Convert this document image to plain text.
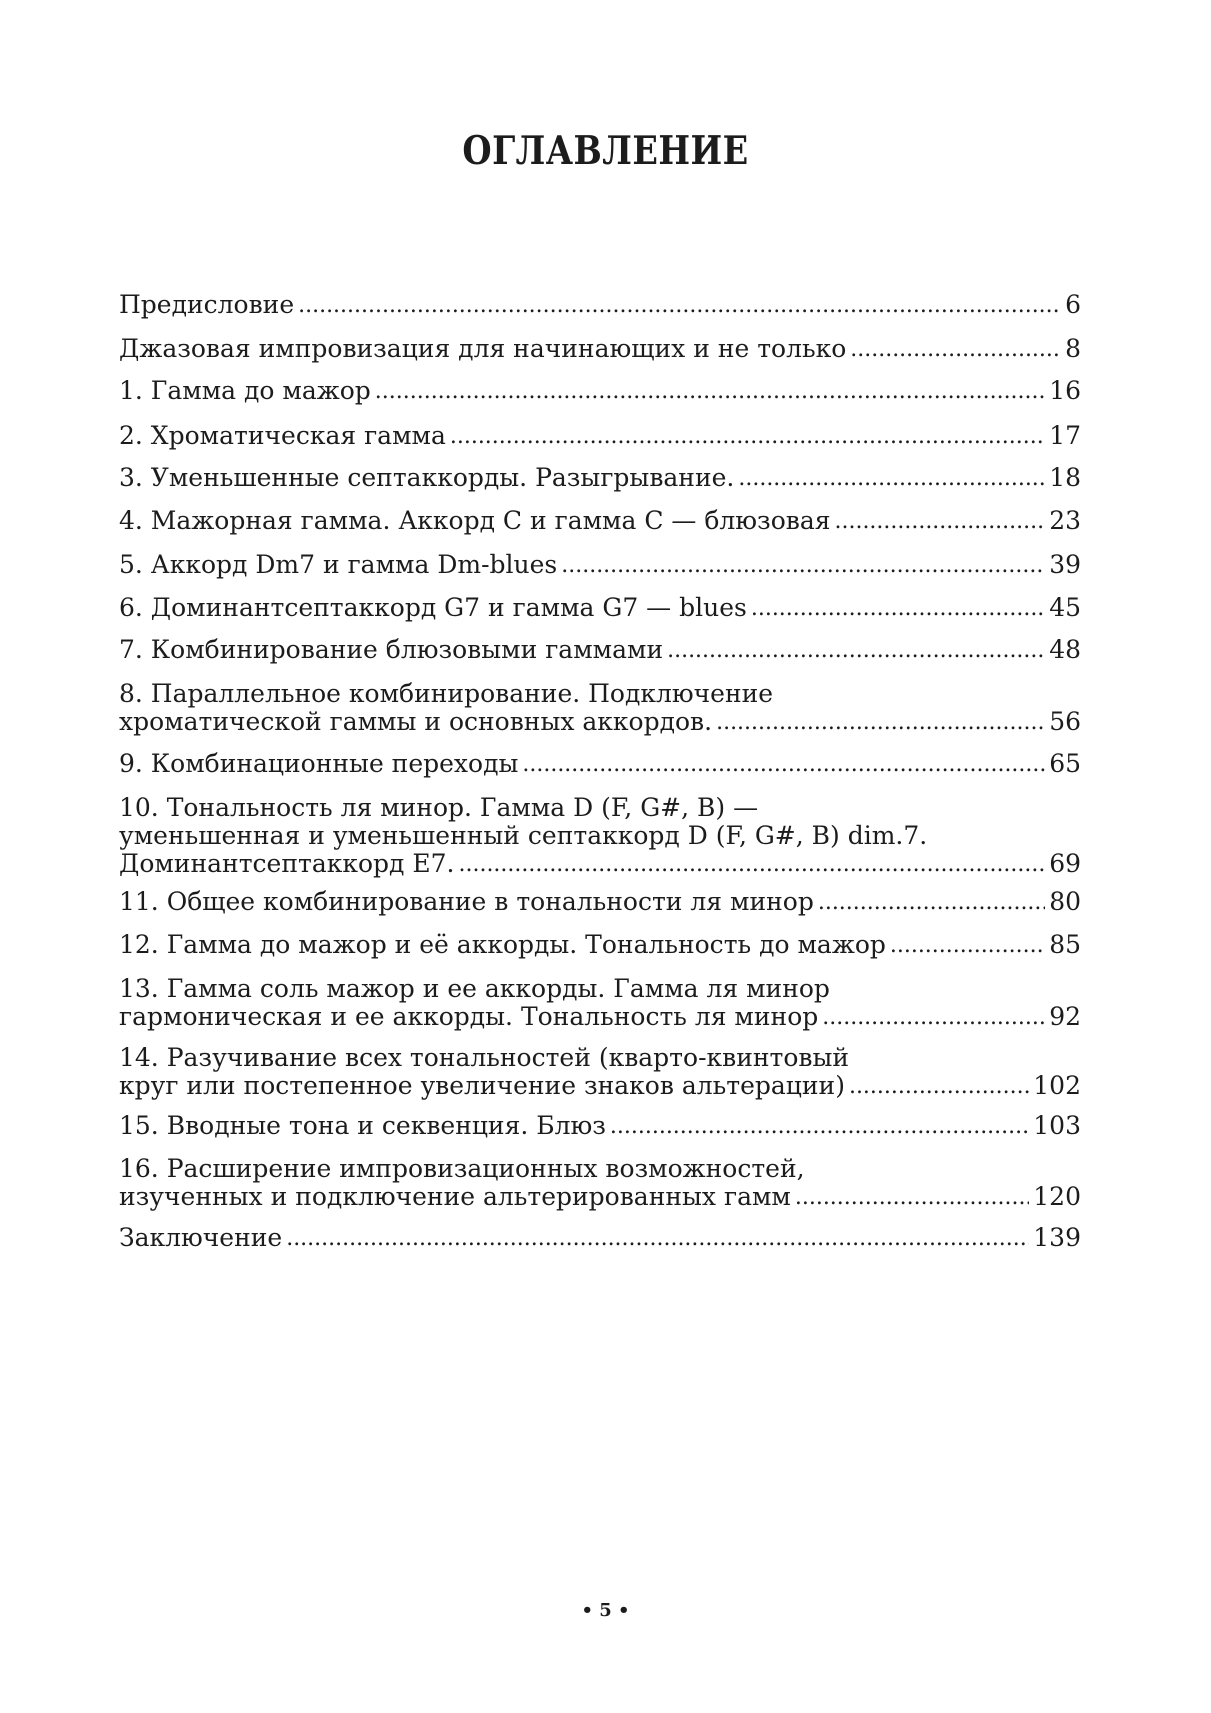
ОГЛАВЛЕНИЕ
Предисловие . . .	6
Джазовая импровизация для начинающих и не только . . .	8
1. Гамма до мажор . . .	16
2. Хроматическая гамма . . .	17
3. Уменьшенные септаккорды. Разыгрывание. . . .	18
4. Мажорная гамма. Аккорд C и гамма C — блюзовая . . .	23
5. Аккорд Dm7 и гамма Dm-blues . . .	39
6. Доминантсептаккорд G7 и гамма G7 — blues . . .	45
7. Комбинирование блюзовыми гаммами . . .	48
8. Параллельное комбинирование. Подключение
хроматической гаммы и основных аккордов. . . .	56
9. Комбинационные переходы . . .	65
10. Тональность ля минор. Гамма D (F, G#, B) —
уменьшенная и уменьшенный септаккорд D (F, G#, B) dim.7.
Доминантсептаккорд E7. . . .	69
11. Общее комбинирование в тональности ля минор . . .	80
12. Гамма до мажор и её аккорды. Тональность до мажор . . .	85
13. Гамма соль мажор и ее аккорды. Гамма ля минор
гармоническая и ее аккорды. Тональность ля минор . . .	92
14. Разучивание всех тональностей (кварто-квинтовый
круг или постепенное увеличение знаков альтерации) . . .	102
15. Вводные тона и секвенция. Блюз . . .	103
16. Расширение импровизационных возможностей,
изученных и подключение альтерированных гамм . . .	120
Заключение . . .	139
• 5 •
